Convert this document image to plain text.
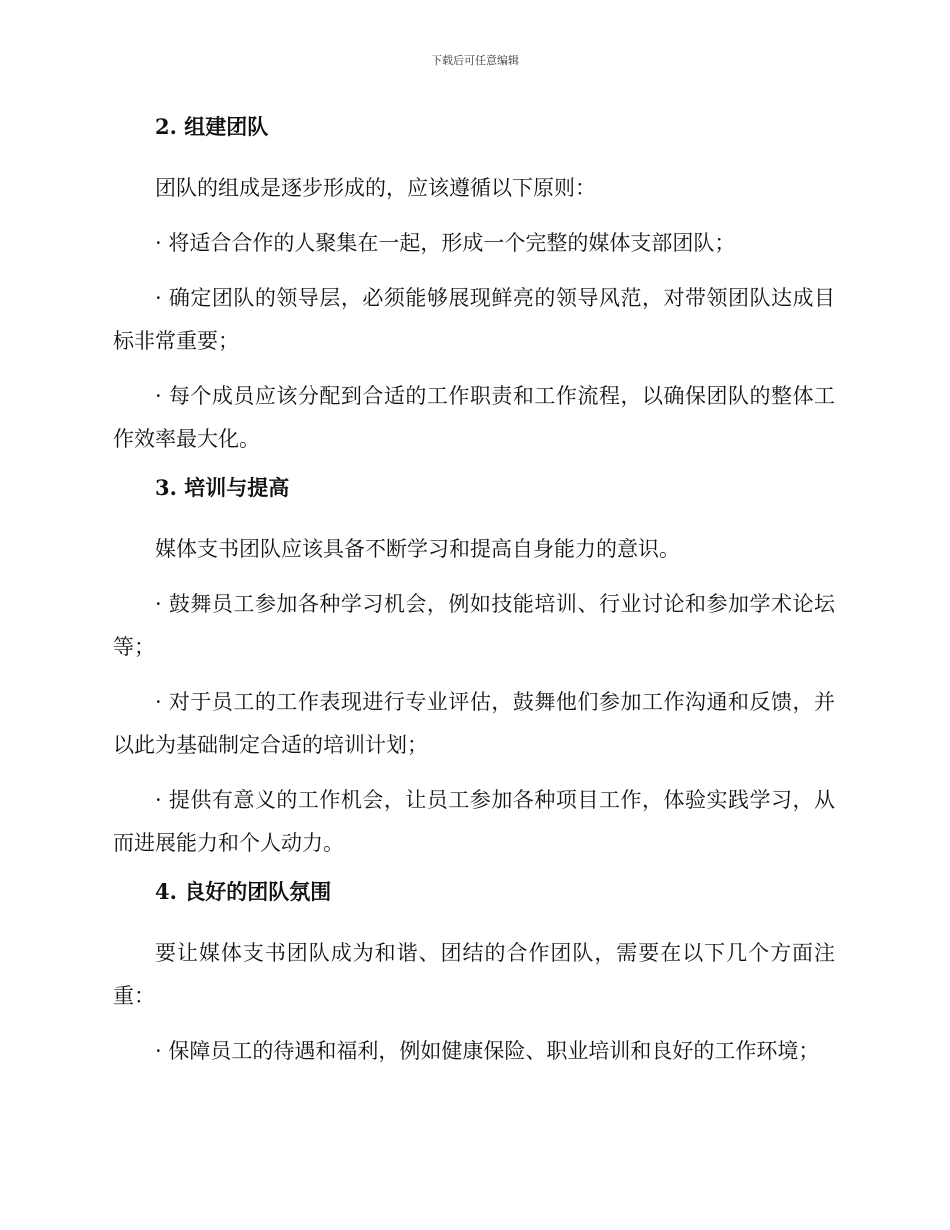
下载后可任意编辑
2. 组建团队

团队的组成是逐步形成的，应该遵循以下原则：

· 将适合合作的人聚集在一起，形成一个完整的媒体支部团队；

· 确定团队的领导层，必须能够展现鲜亮的领导风范，对带领团队达成目标非常重要；

· 每个成员应该分配到合适的工作职责和工作流程，以确保团队的整体工作效率最大化。

3. 培训与提高

媒体支书团队应该具备不断学习和提高自身能力的意识。

· 鼓舞员工参加各种学习机会，例如技能培训、行业讨论和参加学术论坛等；

· 对于员工的工作表现进行专业评估，鼓舞他们参加工作沟通和反馈，并以此为基础制定合适的培训计划；

· 提供有意义的工作机会，让员工参加各种项目工作，体验实践学习，从而进展能力和个人动力。

4. 良好的团队氛围

要让媒体支书团队成为和谐、团结的合作团队，需要在以下几个方面注重：

· 保障员工的待遇和福利，例如健康保险、职业培训和良好的工作环境；
